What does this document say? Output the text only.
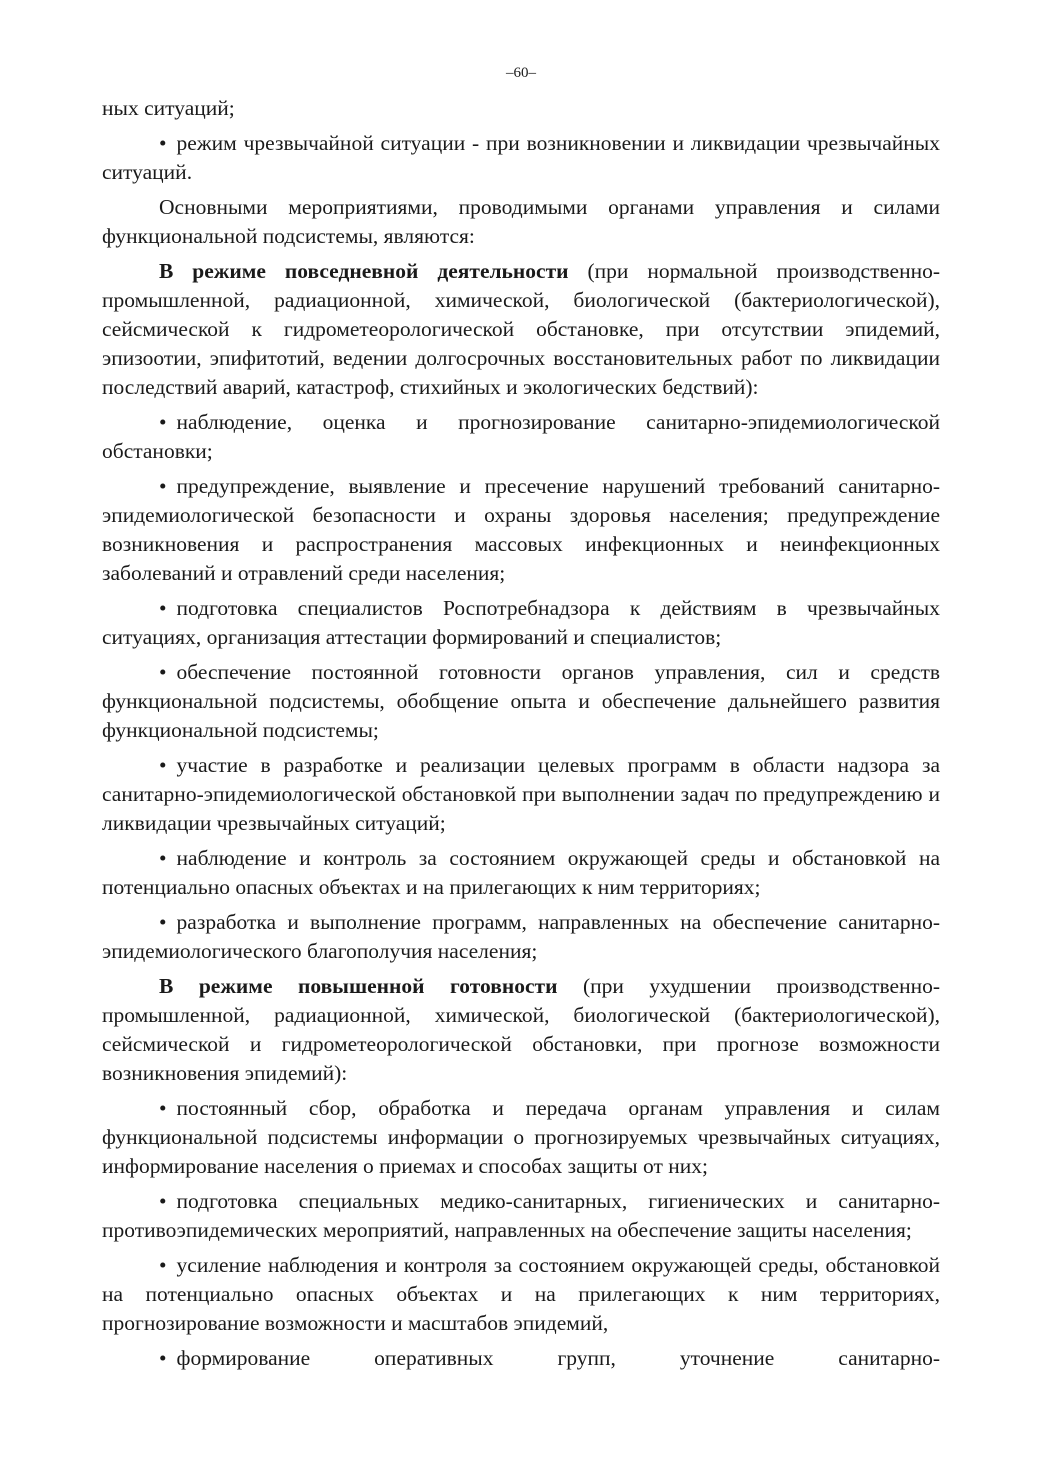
–60–

ных ситуаций;

• режим чрезвычайной ситуации - при возникновении и ликвидации чрезвычайных ситуаций.

Основными мероприятиями, проводимыми органами управления и силами функциональной подсистемы, являются:

В режиме повседневной деятельности (при нормальной производственно-промышленной, радиационной, химической, биологической (бактериологической), сейсмической к гидрометеорологической обстановке, при отсутствии эпидемий, эпизоотии, эпифитотий, ведении долгосрочных восстановительных работ по ликвидации последствий аварий, катастроф, стихийных и экологических бедствий):

• наблюдение, оценка и прогнозирование санитарно-эпидемиологической обстановки;

• предупреждение, выявление и пресечение нарушений требований санитарно-эпидемиологической безопасности и охраны здоровья населения; предупреждение возникновения и распространения массовых инфекционных и неинфекционных заболеваний и отравлений среди населения;

• подготовка специалистов Роспотребнадзора к действиям в чрезвычайных ситуациях, организация аттестации формирований и специалистов;

• обеспечение постоянной готовности органов управления, сил и средств функциональной подсистемы, обобщение опыта и обеспечение дальнейшего развития функциональной подсистемы;

• участие в разработке и реализации целевых программ в области надзора за санитарно-эпидемиологической обстановкой при выполнении задач по предупреждению и ликвидации чрезвычайных ситуаций;

• наблюдение и контроль за состоянием окружающей среды и обстановкой на потенциально опасных объектах и на прилегающих к ним территориях;

• разработка и выполнение программ, направленных на обеспечение санитарно-эпидемиологического благополучия населения;

В режиме повышенной готовности (при ухудшении производственно-промышленной, радиационной, химической, биологической (бактериологической), сейсмической и гидрометеорологической обстановки, при прогнозе возможности возникновения эпидемий):

• постоянный сбор, обработка и передача органам управления и силам функциональной подсистемы информации о прогнозируемых чрезвычайных ситуациях, информирование населения о приемах и способах защиты от них;

• подготовка специальных медико-санитарных, гигиенических и санитарно-противоэпидемических мероприятий, направленных на обеспечение защиты населения;

• усиление наблюдения и контроля за состоянием окружающей среды, обстановкой на потенциально опасных объектах и на прилегающих к ним территориях, прогнозирование возможности и масштабов эпидемий,

• формирование оперативных групп, уточнение санитарно-
